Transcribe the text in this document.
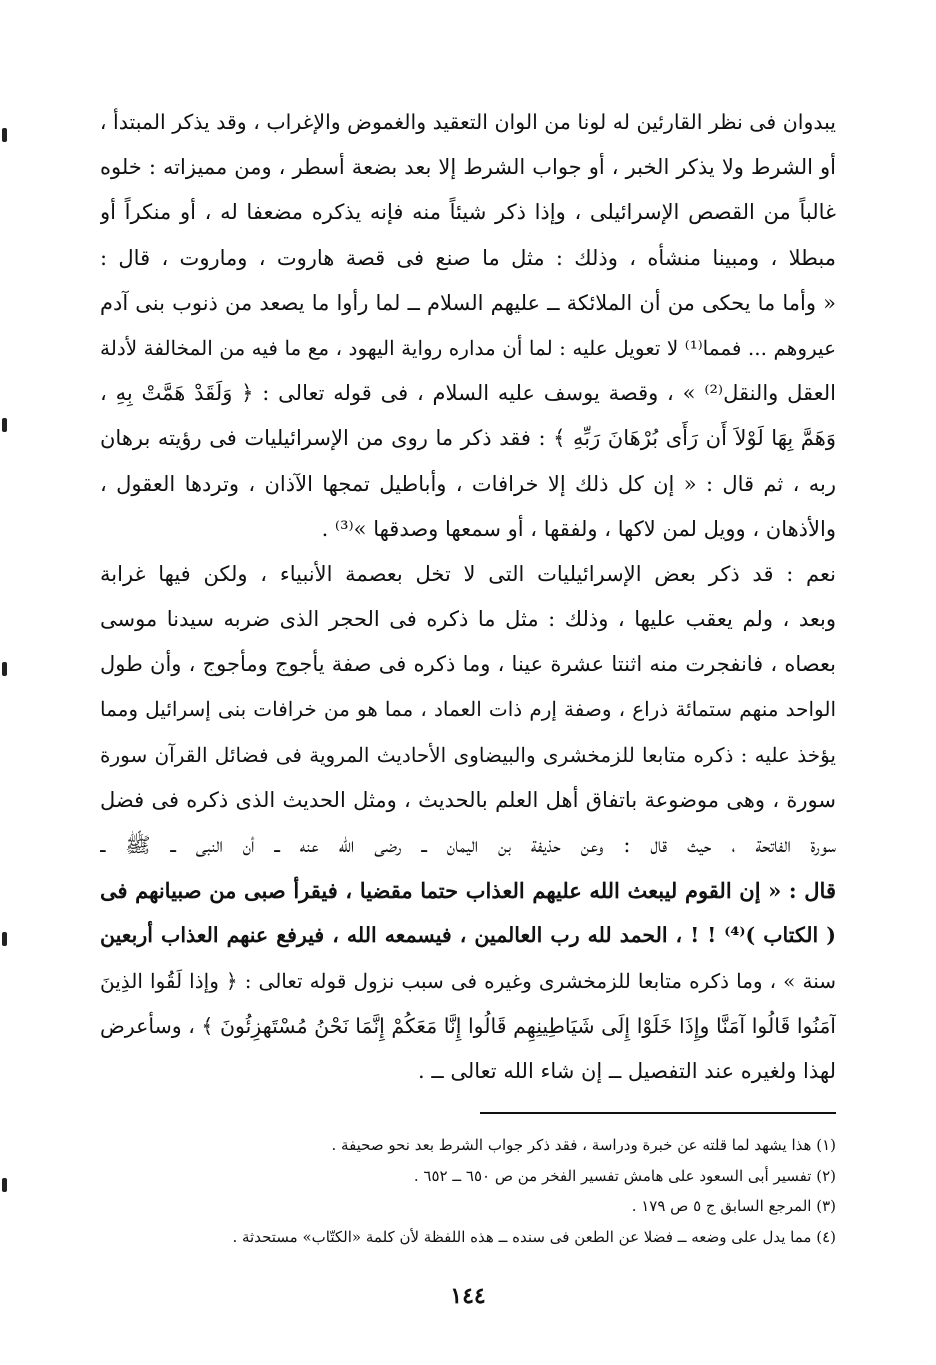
يبدوان فى نظر القارئين له لونا من الوان التعقيد والغموض والإغراب ، وقد يذكر المبتدأ ،
أو الشرط ولا يذكر الخبر ، أو جواب الشرط إلا بعد بضعة أسطر ، ومن مميزاته : خلوه
غالباً من القصص الإسرائيلى ، وإذا ذكر شيئاً منه فإنه يذكره مضعفا له ، أو منكراً أو
مبطلا ، ومبينا منشأه ، وذلك : مثل ما صنع فى قصة هاروت ، وماروت ، قال :
« وأما ما يحكى من أن الملائكة ــ عليهم السلام ــ لما رأوا ما يصعد من ذنوب بنى آدم
عيروهم ... فمما⁽¹⁾ لا تعويل عليه : لما أن مداره رواية اليهود ، مع ما فيه من المخالفة لأدلة
العقل والنقل⁽²⁾ » ، وقصة يوسف عليه السلام ، فى قوله تعالى : ﴿ وَلَقَدْ هَمَّتْ بِهِ ،
وَهَمَّ بِهَا لَوْلاَ أَن رَأَى بُرْهَانَ رَبِّهِ ﴾ : فقد ذكر ما روى من الإسرائيليات فى رؤيته برهان
ربه ، ثم قال : « إن كل ذلك إلا خرافات ، وأباطيل تمجها الآذان ، وتردها العقول ،
والأذهان ، وويل لمن لاكها ، ولفقها ، أو سمعها وصدقها »⁽³⁾ .
نعم : قد ذكر بعض الإسرائيليات التى لا تخل بعصمة الأنبياء ، ولكن فيها غرابة
وبعد ، ولم يعقب عليها ، وذلك : مثل ما ذكره فى الحجر الذى ضربه سيدنا موسى
بعصاه ، فانفجرت منه اثنتا عشرة عينا ، وما ذكره فى صفة يأجوج ومأجوج ، وأن طول
الواحد منهم ستمائة ذراع ، وصفة إرم ذات العماد ، مما هو من خرافات بنى إسرائيل ومما
يؤخذ عليه : ذكره متابعا للزمخشرى والبيضاوى الأحاديث المروية فى فضائل القرآن سورة
سورة ، وهى موضوعة باتفاق أهل العلم بالحديث ، ومثل الحديث الذى ذكره فى فضل
سورة الفاتحة ، حيث قال : وعن حذيفة بن اليمان ــ رضى الله عنه ــ أن النبى ــ ﷺ ــ
قال : « إن القوم ليبعث الله عليهم العذاب حتما مقضيا ، فيقرأ صبى من صبيانهم فى
( الكتاب )⁽⁴⁾ ! ! ، الحمد لله رب العالمين ، فيسمعه الله ، فيرفع عنهم العذاب أربعين
سنة » ، وما ذكره متابعا للزمخشرى وغيره فى سبب نزول قوله تعالى : ﴿ وإذا لَقُوا الذِينَ
آمَنُوا قَالُوا آمَنَّا وإِذَا خَلَوْا إِلَى شَيَاطِينِهِم قَالُوا إِنَّا مَعَكُمْ إِنَّمَا نَحْنُ مُسْتَهزِئُونَ ﴾ ، وسأعرض
لهذا ولغيره عند التفصيل ــ إن شاء الله تعالى ــ .
(١) هذا يشهد لما قلته عن خبرة ودراسة ، فقد ذكر جواب الشرط بعد نحو صحيفة .
(٢) تفسير أبى السعود على هامش تفسير الفخر من ص ٦٥٠ ــ ٦٥٢ .
(٣) المرجع السابق ج ٥ ص ١٧٩ .
(٤) مما يدل على وضعه ــ فضلا عن الطعن فى سنده ــ هذه اللفظة لأن كلمة «الكتّاب» مستحدثة .
١٤٤
